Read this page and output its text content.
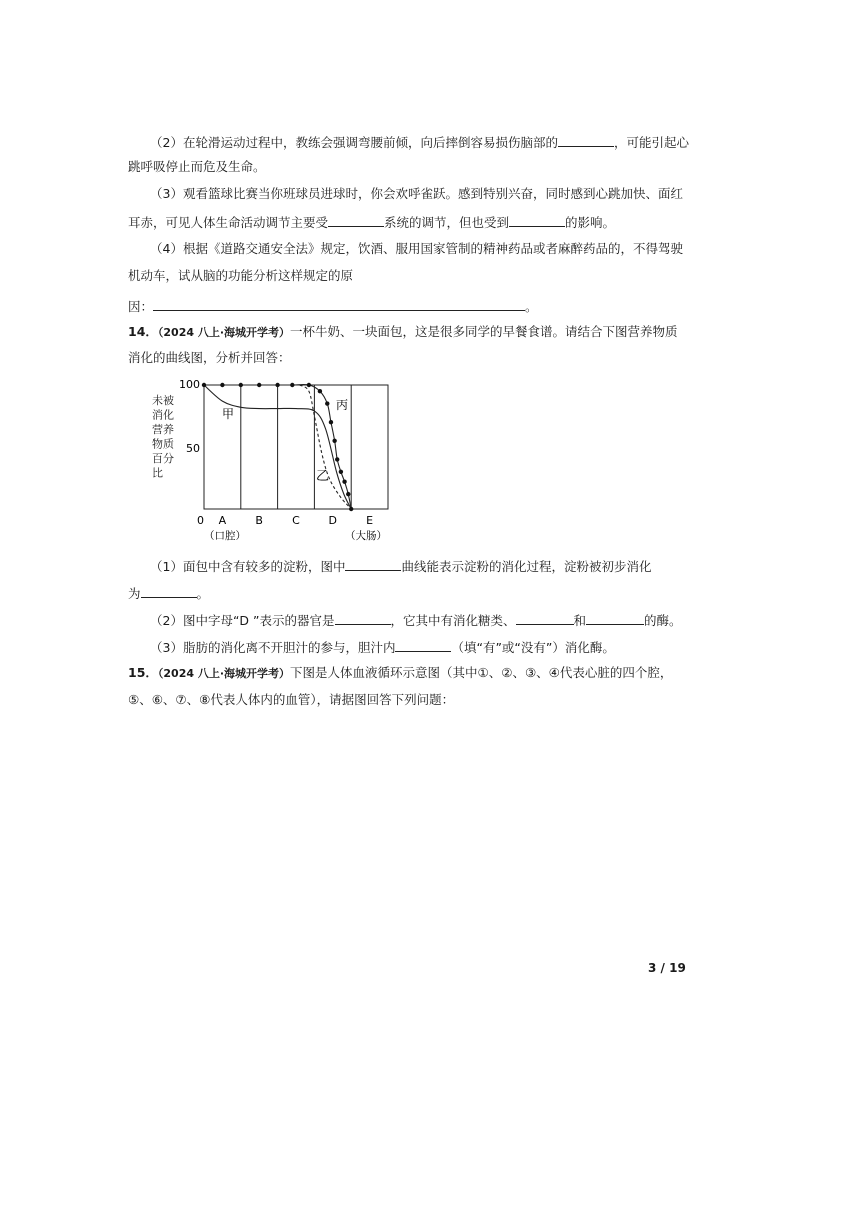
（2）在轮滑运动过程中，教练会强调弯腰前倾，向后摔倒容易损伤脑部的	，可能引起心
跳呼吸停止而危及生命。
（3）观看篮球比赛当你班球员进球时，你会欢呼雀跃。感到特别兴奋，同时感到心跳加快、面红
耳赤，可见人体生命活动调节主要受	系统的调节，但也受到	的影响。
（4）根据《道路交通安全法》规定，饮酒、服用国家管制的精神药品或者麻醉药品的，不得驾驶
机动车，试从脑的功能分析这样规定的原
因：	。
14．（2024 八上·海城开学考）一杯牛奶、一块面包，这是很多同学的早餐食谱。请结合下图营养物质
消化的曲线图，分析并回答：
未被
消化
营养
物质
百分
比
100
50
0
甲
乙
丙
A	B	C	D	E
（口腔）	（大肠）
（1）面包中含有较多的淀粉，图中	曲线能表示淀粉的消化过程，淀粉被初步消化
为	。
（2）图中字母“D ”表示的器官是	，它其中有消化糖类、	和	的酶。
（3）脂肪的消化离不开胆汁的参与，胆汁内	（填“有”或“没有”）消化酶。
15．（2024 八上·海城开学考）下图是人体血液循环示意图（其中①、②、③、④代表心脏的四个腔，
⑤、⑥、⑦、⑧代表人体内的血管），请据图回答下列问题：
3 / 19
